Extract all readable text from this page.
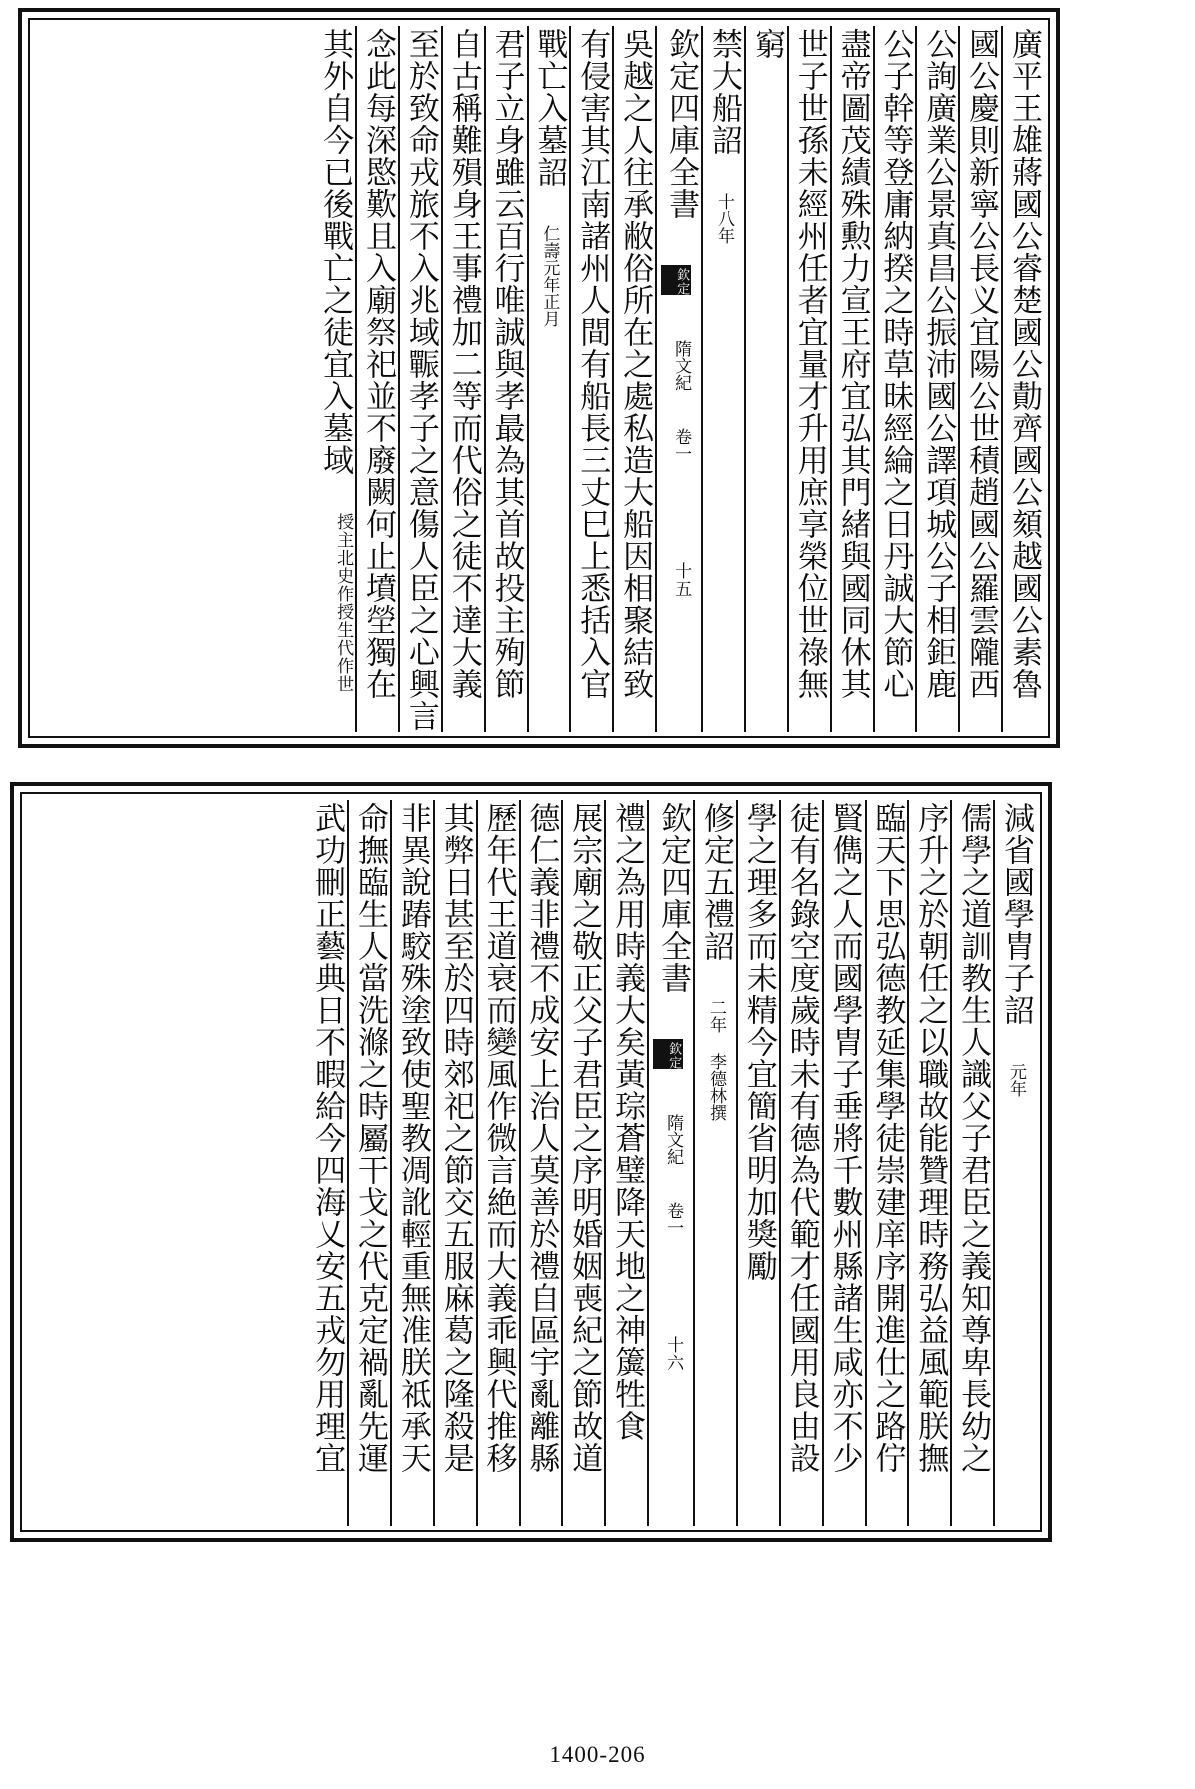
廣平王雄蔣國公睿楚國公勣齊國公頦越國公素魯
國公慶則新寧公長义宜陽公世積趙國公羅雲隴西
公詢廣業公景真昌公振沛國公譯項城公子相鉅鹿
公子幹等登庸納揆之時草昧經綸之日丹誠大節心
盡帝圖茂績殊勲力宣王府宜弘其門緒與國同休其
世子世孫未經州任者宜量才升用庶享榮位世祿無
窮
禁大船詔 十八年
欽定四庫全書 欽定 隋文紀 卷一  十五
吳越之人往承敝俗所在之處私造大船因相聚結致
有侵害其江南諸州人間有船長三丈巳上悉括入官
戰亡入墓詔 仁壽元年正月
君子立身雖云百行唯誠與孝最為其首故投主殉節
自古稱難殞身王事禮加二等而代俗之徒不達大義
至於致命戎旅不入兆域辴孝子之意傷人臣之心興言
念此每深愍歎且入廟祭祀並不廢闕何止墳塋獨在
其外自今已後戰亡之徒宜入墓域 授主北史作授生代作世
減省國學胄子詔 元年
儒學之道訓教生人識父子君臣之義知尊卑長幼之
序升之於朝任之以職故能贊理時務弘益風範朕撫
臨天下思弘德教延集學徒崇建庠序開進仕之路佇
賢儁之人而國學胄子垂將千數州縣諸生咸亦不少
徒有名錄空度歲時未有德為代範才任國用良由設
學之理多而未精今宜簡省明加獎勵
修定五禮詔 二年 李德林撰
欽定四庫全書 欽定 隋文紀 卷一  十六
禮之為用時義大矣黃琮蒼璧降天地之神簴牲食
展宗廟之敬正父子君臣之序明婚姻喪紀之節故道
德仁義非禮不成安上治人莫善於禮自區宇亂離縣
歷年代王道衰而變風作微言絶而大義乖興代推移
其弊日甚至於四時郊祀之節交五服麻葛之隆殺是
非異說踳駮殊塗致使聖教凋訛輕重無准朕祗承天
命撫臨生人當洗滌之時屬干戈之代克定禍亂先運
武功刪正藝典日不暇給今四海乂安五戎勿用理宜
1400-206
